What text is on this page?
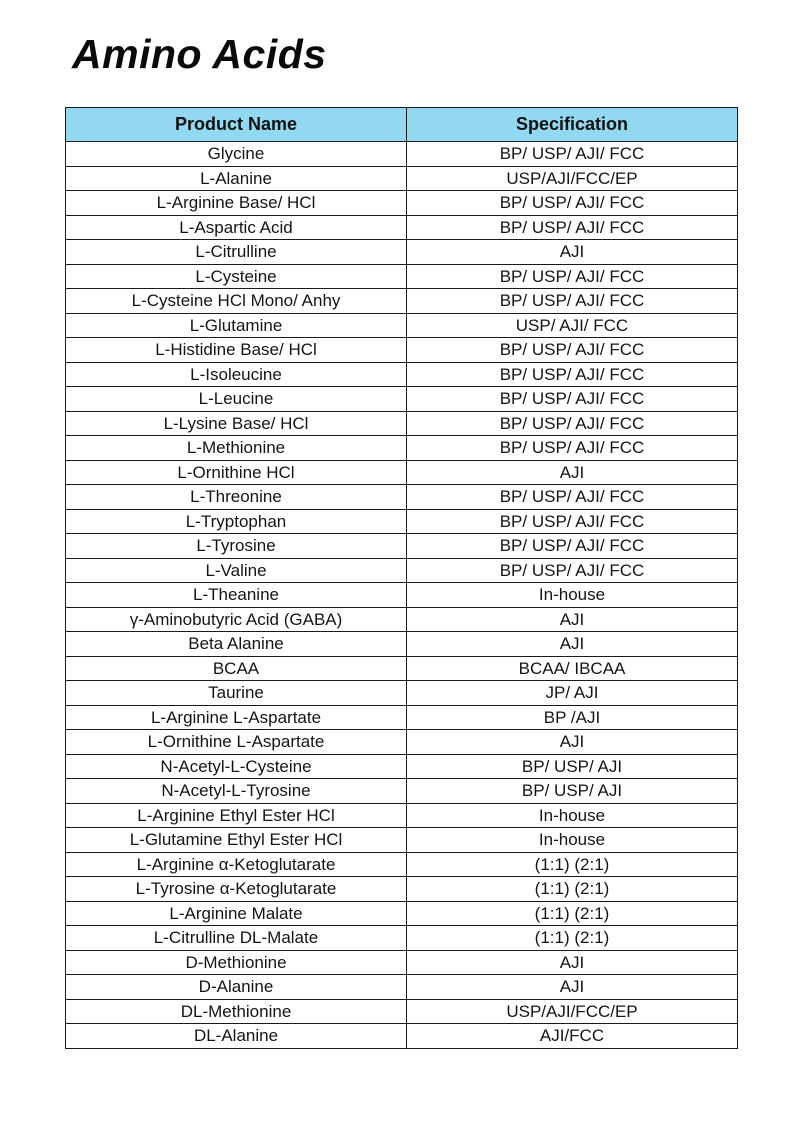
Amino Acids
Product Name	Specification
Glycine	BP/ USP/ AJI/ FCC
L-Alanine	USP/AJI/FCC/EP
L-Arginine Base/ HCl	BP/ USP/ AJI/ FCC
L-Aspartic Acid	BP/ USP/ AJI/ FCC
L-Citrulline	AJI
L-Cysteine	BP/ USP/ AJI/ FCC
L-Cysteine HCl Mono/ Anhy	BP/ USP/ AJI/ FCC
L-Glutamine	USP/ AJI/ FCC
L-Histidine Base/ HCl	BP/ USP/ AJI/ FCC
L-Isoleucine	BP/ USP/ AJI/ FCC
L-Leucine	BP/ USP/ AJI/ FCC
L-Lysine Base/ HCl	BP/ USP/ AJI/ FCC
L-Methionine	BP/ USP/ AJI/ FCC
L-Ornithine HCl	AJI
L-Threonine	BP/ USP/ AJI/ FCC
L-Tryptophan	BP/ USP/ AJI/ FCC
L-Tyrosine	BP/ USP/ AJI/ FCC
L-Valine	BP/ USP/ AJI/ FCC
L-Theanine	In-house
γ-Aminobutyric Acid (GABA)	AJI
Beta Alanine	AJI
BCAA	BCAA/ IBCAA
Taurine	JP/ AJI
L-Arginine L-Aspartate	BP /AJI
L-Ornithine L-Aspartate	AJI
N-Acetyl-L-Cysteine	BP/ USP/ AJI
N-Acetyl-L-Tyrosine	BP/ USP/ AJI
L-Arginine Ethyl Ester HCl	In-house
L-Glutamine Ethyl Ester HCl	In-house
L-Arginine α-Ketoglutarate	(1:1) (2:1)
L-Tyrosine α-Ketoglutarate	(1:1) (2:1)
L-Arginine Malate	(1:1) (2:1)
L-Citrulline DL-Malate	(1:1) (2:1)
D-Methionine	AJI
D-Alanine	AJI
DL-Methionine	USP/AJI/FCC/EP
DL-Alanine	AJI/FCC
